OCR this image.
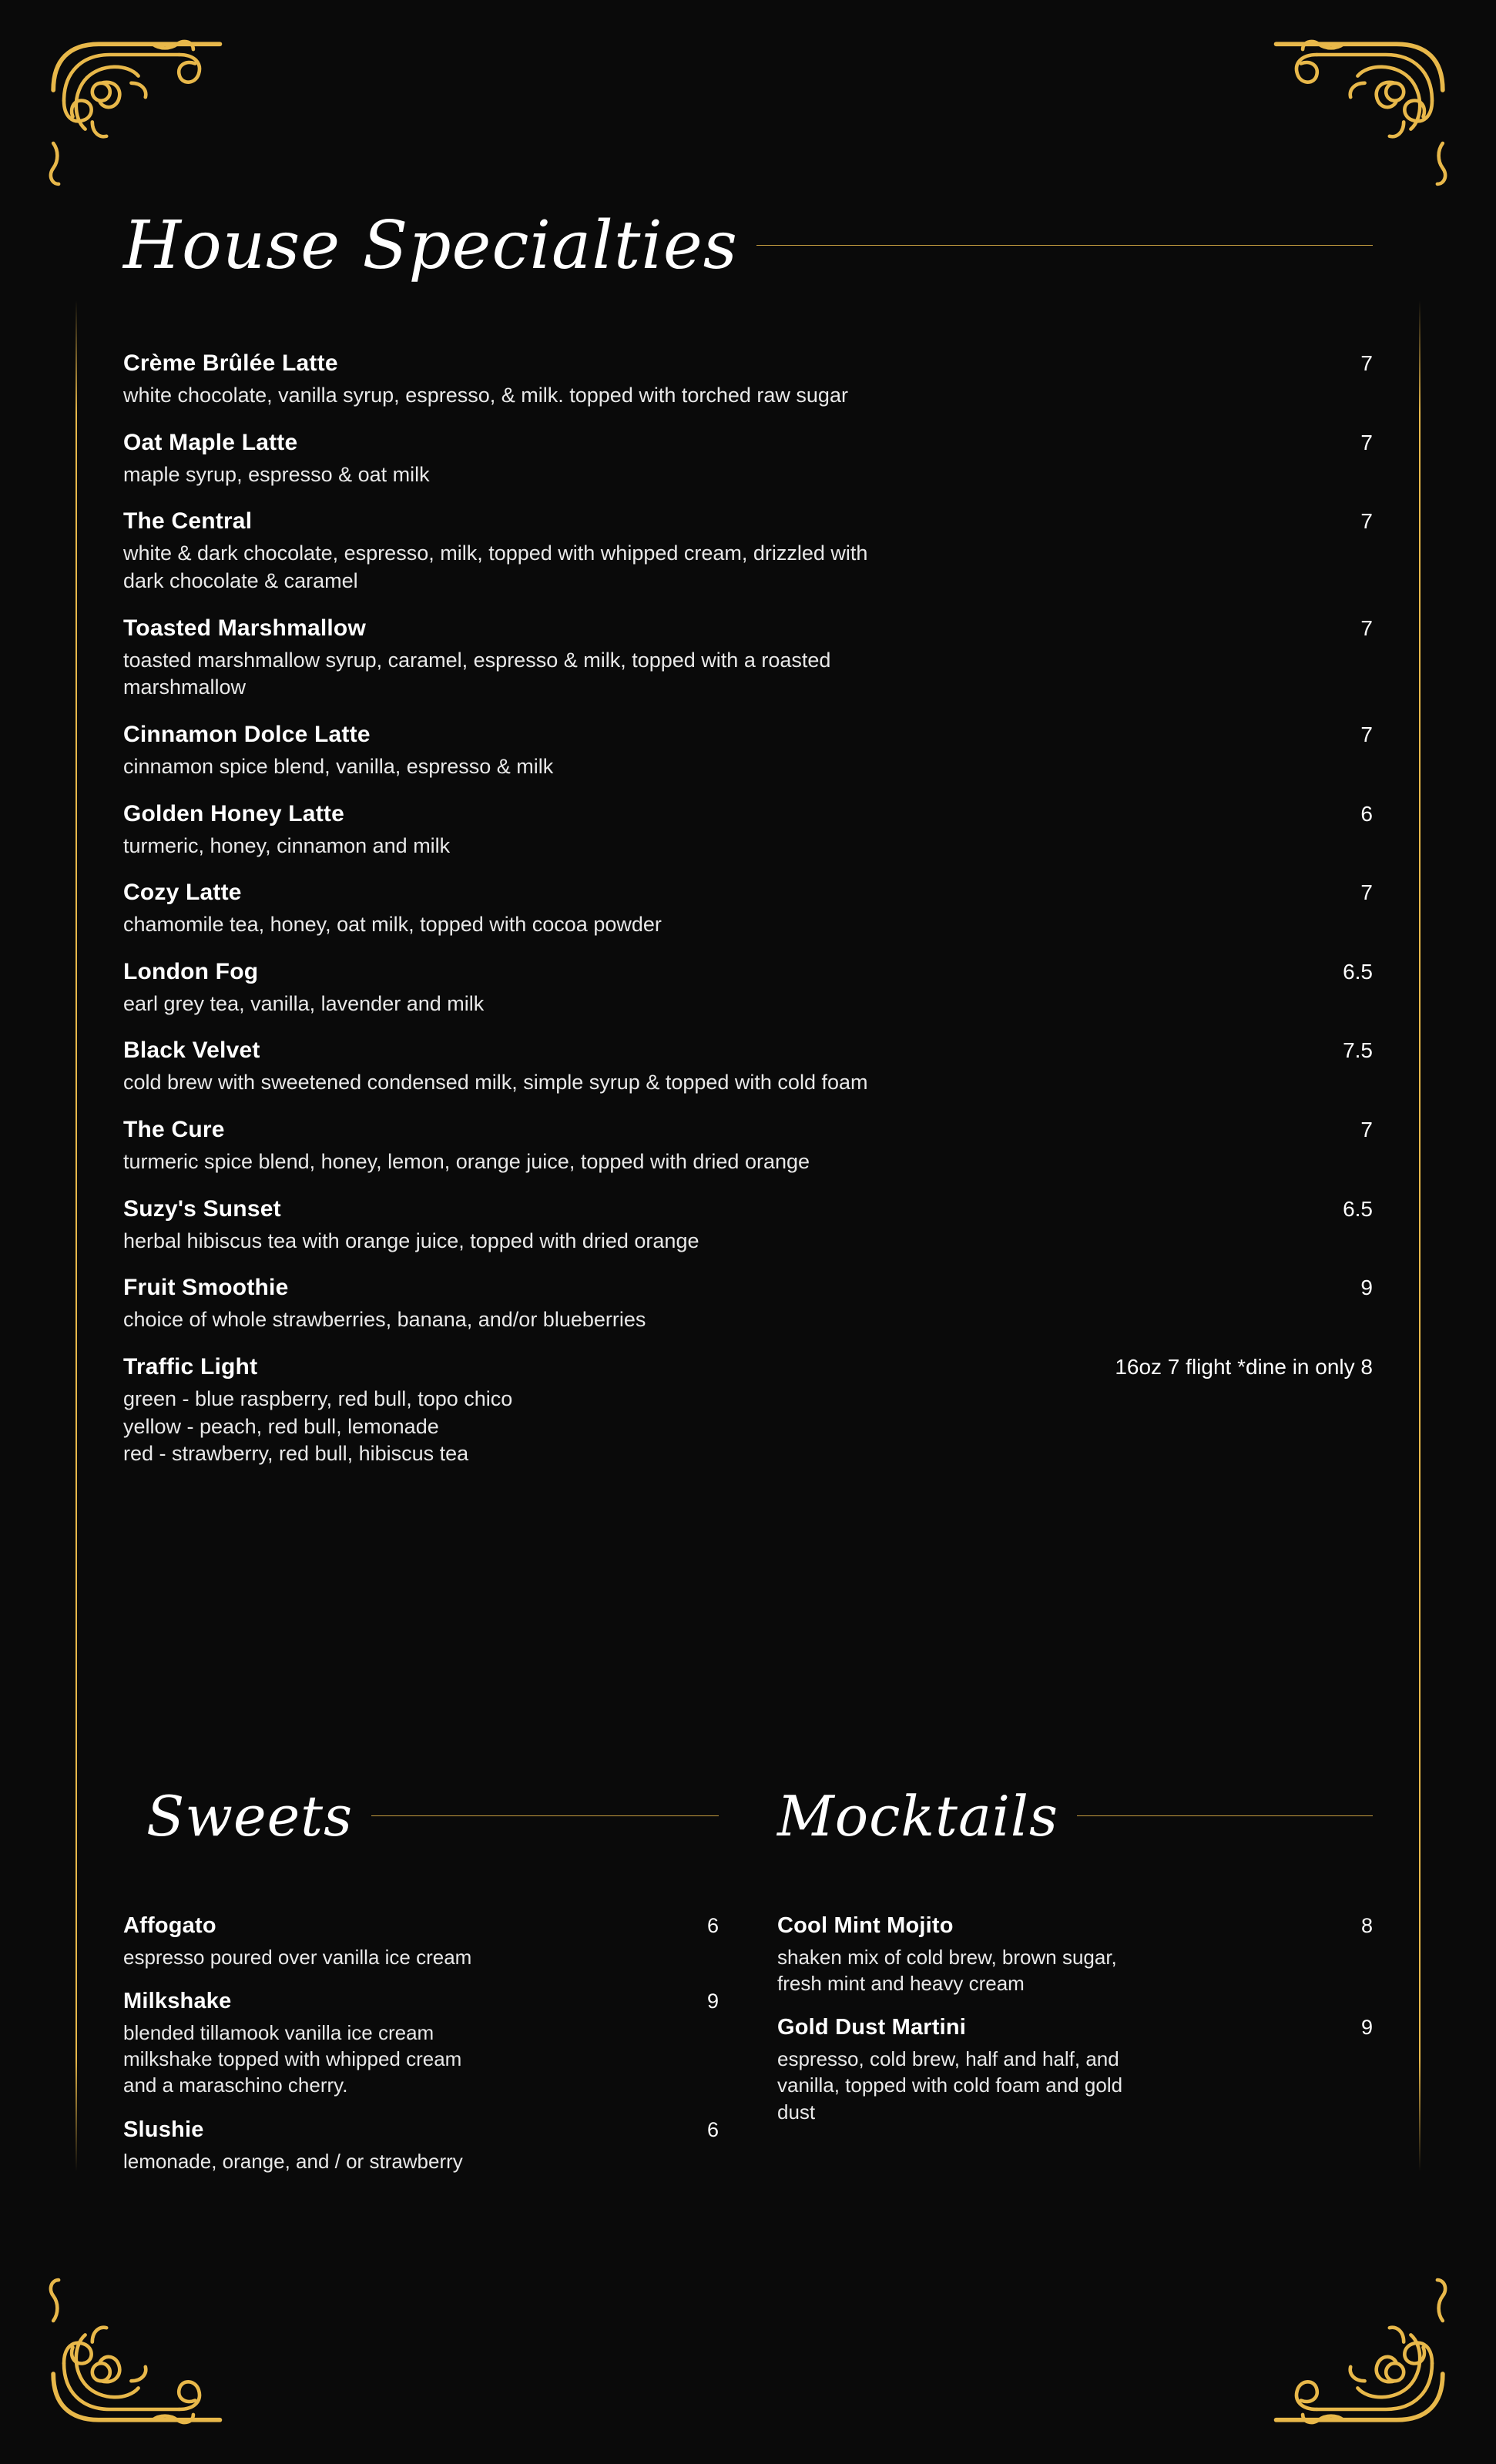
House Specialties
Crème Brûlée Latte	7
white chocolate, vanilla syrup, espresso, & milk. topped with torched raw sugar
Oat Maple Latte	7
maple syrup, espresso & oat milk
The Central	7
white & dark chocolate, espresso, milk, topped with whipped cream, drizzled with
dark chocolate & caramel
Toasted Marshmallow	7
toasted marshmallow syrup, caramel, espresso & milk, topped with a roasted
marshmallow
Cinnamon Dolce Latte	7
cinnamon spice blend, vanilla, espresso & milk
Golden Honey Latte	6
turmeric, honey, cinnamon and milk
Cozy Latte	7
chamomile tea, honey, oat milk, topped with cocoa powder
London Fog	6.5
earl grey tea, vanilla, lavender and milk
Black Velvet	7.5
cold brew with sweetened condensed milk, simple syrup & topped with cold foam
The Cure	7
turmeric spice blend, honey, lemon, orange juice, topped with dried orange
Suzy's Sunset	6.5
herbal hibiscus tea with orange juice, topped with dried orange
Fruit Smoothie	9
choice of whole strawberries, banana, and/or blueberries
Traffic Light	16oz 7 flight *dine in only 8
green - blue raspberry, red bull, topo chico
yellow - peach, red bull, lemonade
red - strawberry, red bull, hibiscus tea
Sweets
Affogato	6
espresso poured over vanilla ice cream
Milkshake	9
blended tillamook vanilla ice cream
milkshake topped with whipped cream
and a maraschino cherry.
Slushie	6
lemonade, orange, and / or strawberry
Mocktails
Cool Mint Mojito	8
shaken mix of cold brew, brown sugar,
fresh mint and heavy cream
Gold Dust Martini	9
espresso, cold brew, half and half, and
vanilla, topped with cold foam and gold
dust
